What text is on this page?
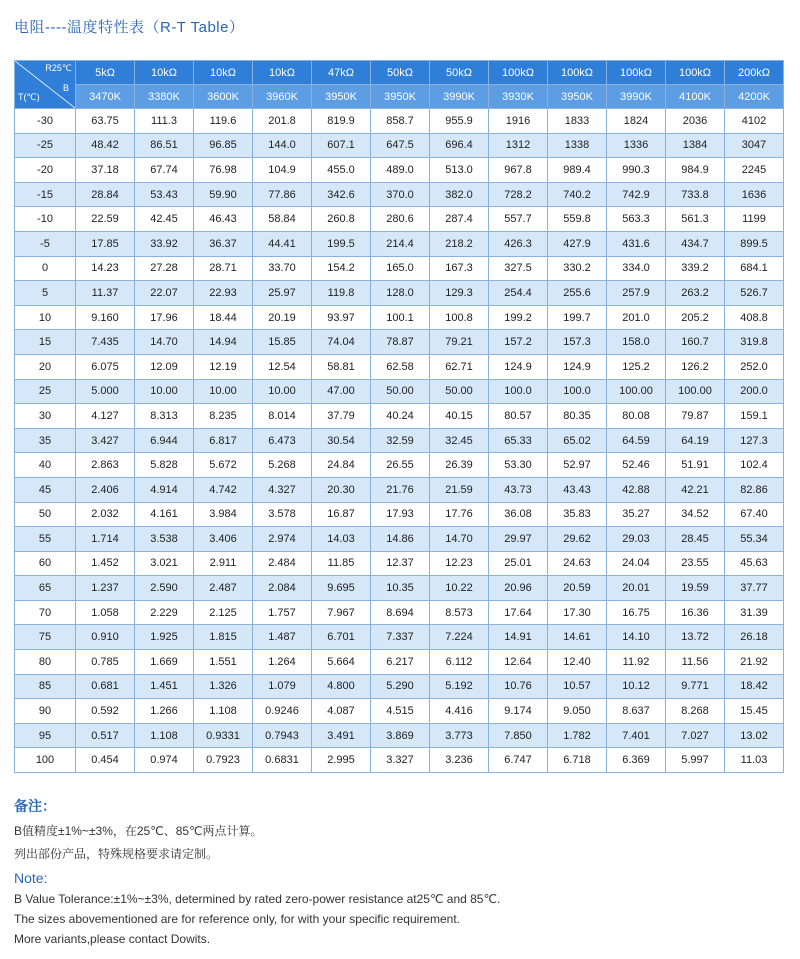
电阻----温度特性表（R-T Table）
R25℃
B
T(℃)	5kΩ	10kΩ	10kΩ	10kΩ	47kΩ	50kΩ	50kΩ	100kΩ	100kΩ	100kΩ	100kΩ	200kΩ
	3470K	3380K	3600K	3960K	3950K	3950K	3990K	3930K	3950K	3990K	4100K	4200K
-30	63.75	111.3	119.6	201.8	819.9	858.7	955.9	1916	1833	1824	2036	4102
-25	48.42	86.51	96.85	144.0	607.1	647.5	696.4	1312	1338	1336	1384	3047
-20	37.18	67.74	76.98	104.9	455.0	489.0	513.0	967.8	989.4	990.3	984.9	2245
-15	28.84	53.43	59.90	77.86	342.6	370.0	382.0	728.2	740.2	742.9	733.8	1636
-10	22.59	42.45	46.43	58.84	260.8	280.6	287.4	557.7	559.8	563.3	561.3	1199
-5	17.85	33.92	36.37	44.41	199.5	214.4	218.2	426.3	427.9	431.6	434.7	899.5
0	14.23	27.28	28.71	33.70	154.2	165.0	167.3	327.5	330.2	334.0	339.2	684.1
5	11.37	22.07	22.93	25.97	119.8	128.0	129.3	254.4	255.6	257.9	263.2	526.7
10	9.160	17.96	18.44	20.19	93.97	100.1	100.8	199.2	199.7	201.0	205.2	408.8
15	7.435	14.70	14.94	15.85	74.04	78.87	79.21	157.2	157.3	158.0	160.7	319.8
20	6.075	12.09	12.19	12.54	58.81	62.58	62.71	124.9	124.9	125.2	126.2	252.0
25	5.000	10.00	10.00	10.00	47.00	50.00	50.00	100.0	100.0	100.00	100.00	200.0
30	4.127	8.313	8.235	8.014	37.79	40.24	40.15	80.57	80.35	80.08	79.87	159.1
35	3.427	6.944	6.817	6.473	30.54	32.59	32.45	65.33	65.02	64.59	64.19	127.3
40	2.863	5.828	5.672	5.268	24.84	26.55	26.39	53.30	52.97	52.46	51.91	102.4
45	2.406	4.914	4.742	4.327	20.30	21.76	21.59	43.73	43.43	42.88	42.21	82.86
50	2.032	4.161	3.984	3.578	16.87	17.93	17.76	36.08	35.83	35.27	34.52	67.40
55	1.714	3.538	3.406	2.974	14.03	14.86	14.70	29.97	29.62	29.03	28.45	55.34
60	1.452	3.021	2.911	2.484	11.85	12.37	12.23	25.01	24.63	24.04	23.55	45.63
65	1.237	2.590	2.487	2.084	9.695	10.35	10.22	20.96	20.59	20.01	19.59	37.77
70	1.058	2.229	2.125	1.757	7.967	8.694	8.573	17.64	17.30	16.75	16.36	31.39
75	0.910	1.925	1.815	1.487	6.701	7.337	7.224	14.91	14.61	14.10	13.72	26.18
80	0.785	1.669	1.551	1.264	5.664	6.217	6.112	12.64	12.40	11.92	11.56	21.92
85	0.681	1.451	1.326	1.079	4.800	5.290	5.192	10.76	10.57	10.12	9.771	18.42
90	0.592	1.266	1.108	0.9246	4.087	4.515	4.416	9.174	9.050	8.637	8.268	15.45
95	0.517	1.108	0.9331	0.7943	3.491	3.869	3.773	7.850	1.782	7.401	7.027	13.02
100	0.454	0.974	0.7923	0.6831	2.995	3.327	3.236	6.747	6.718	6.369	5.997	11.03
备注：
B值精度±1%~±3%，在25℃、85℃两点计算。
列出部份产品，特殊规格要求请定制。
Note:
B Value Tolerance:±1%~±3%, determined by rated zero-power resistance at25℃ and 85℃.
The sizes abovementioned are for reference only, for with your specific requirement.
More variants,please contact Dowits.
